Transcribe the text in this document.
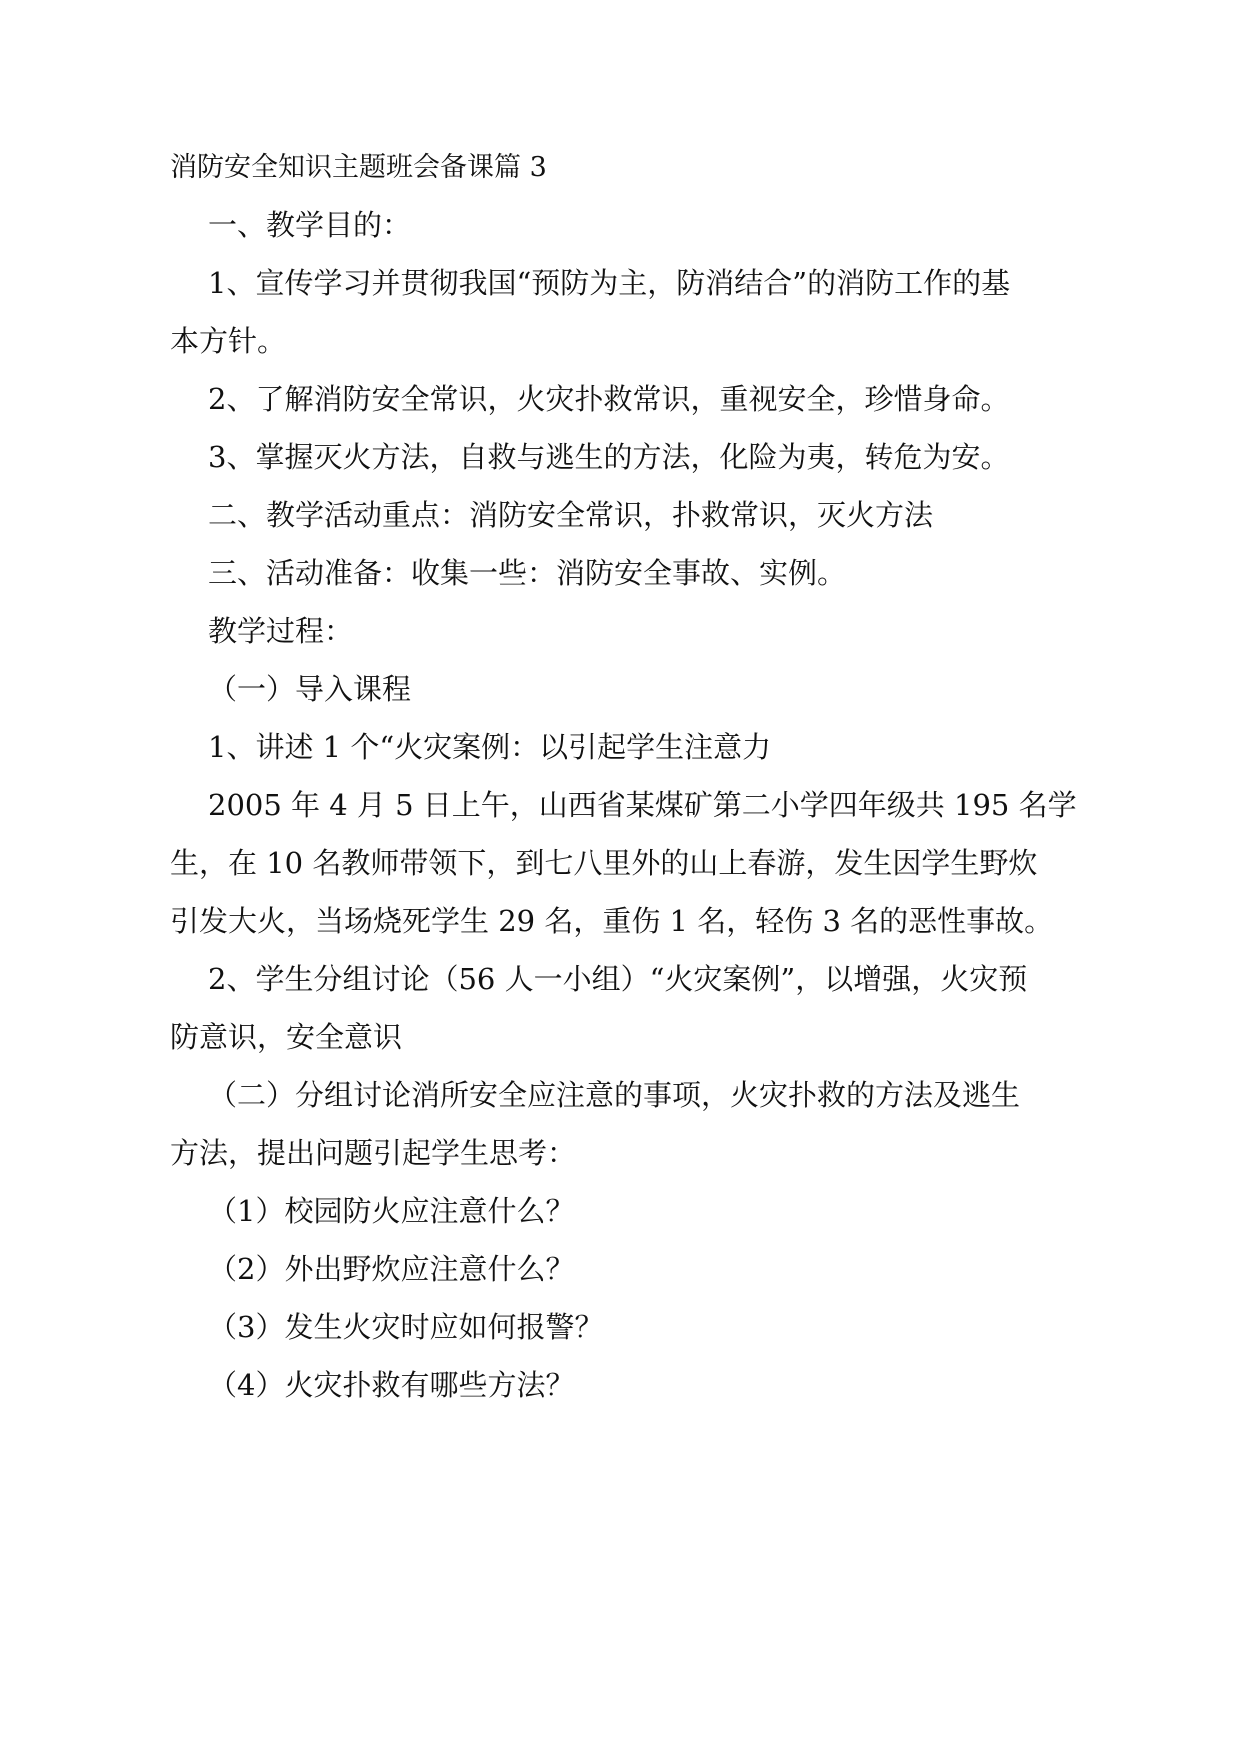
消防安全知识主题班会备课篇 3
一、教学目的：
1、宣传学习并贯彻我国“预防为主，防消结合”的消防工作的基
本方针。
2、了解消防安全常识，火灾扑救常识，重视安全，珍惜身命。
3、掌握灭火方法，自救与逃生的方法，化险为夷，转危为安。
二、教学活动重点：消防安全常识，扑救常识，灭火方法
三、活动准备：收集一些：消防安全事故、实例。
教学过程：
（一）导入课程
1、讲述 1 个“火灾案例：以引起学生注意力
2005 年 4 月 5 日上午，山西省某煤矿第二小学四年级共 195 名学
生，在 10 名教师带领下，到七八里外的山上春游，发生因学生野炊
引发大火，当场烧死学生 29 名，重伤 1 名，轻伤 3 名的恶性事故。
2、学生分组讨论（56 人一小组）“火灾案例”，以增强，火灾预
防意识，安全意识
（二）分组讨论消所安全应注意的事项，火灾扑救的方法及逃生
方法，提出问题引起学生思考：
（1）校园防火应注意什么？
（2）外出野炊应注意什么？
（3）发生火灾时应如何报警？
（4）火灾扑救有哪些方法？
